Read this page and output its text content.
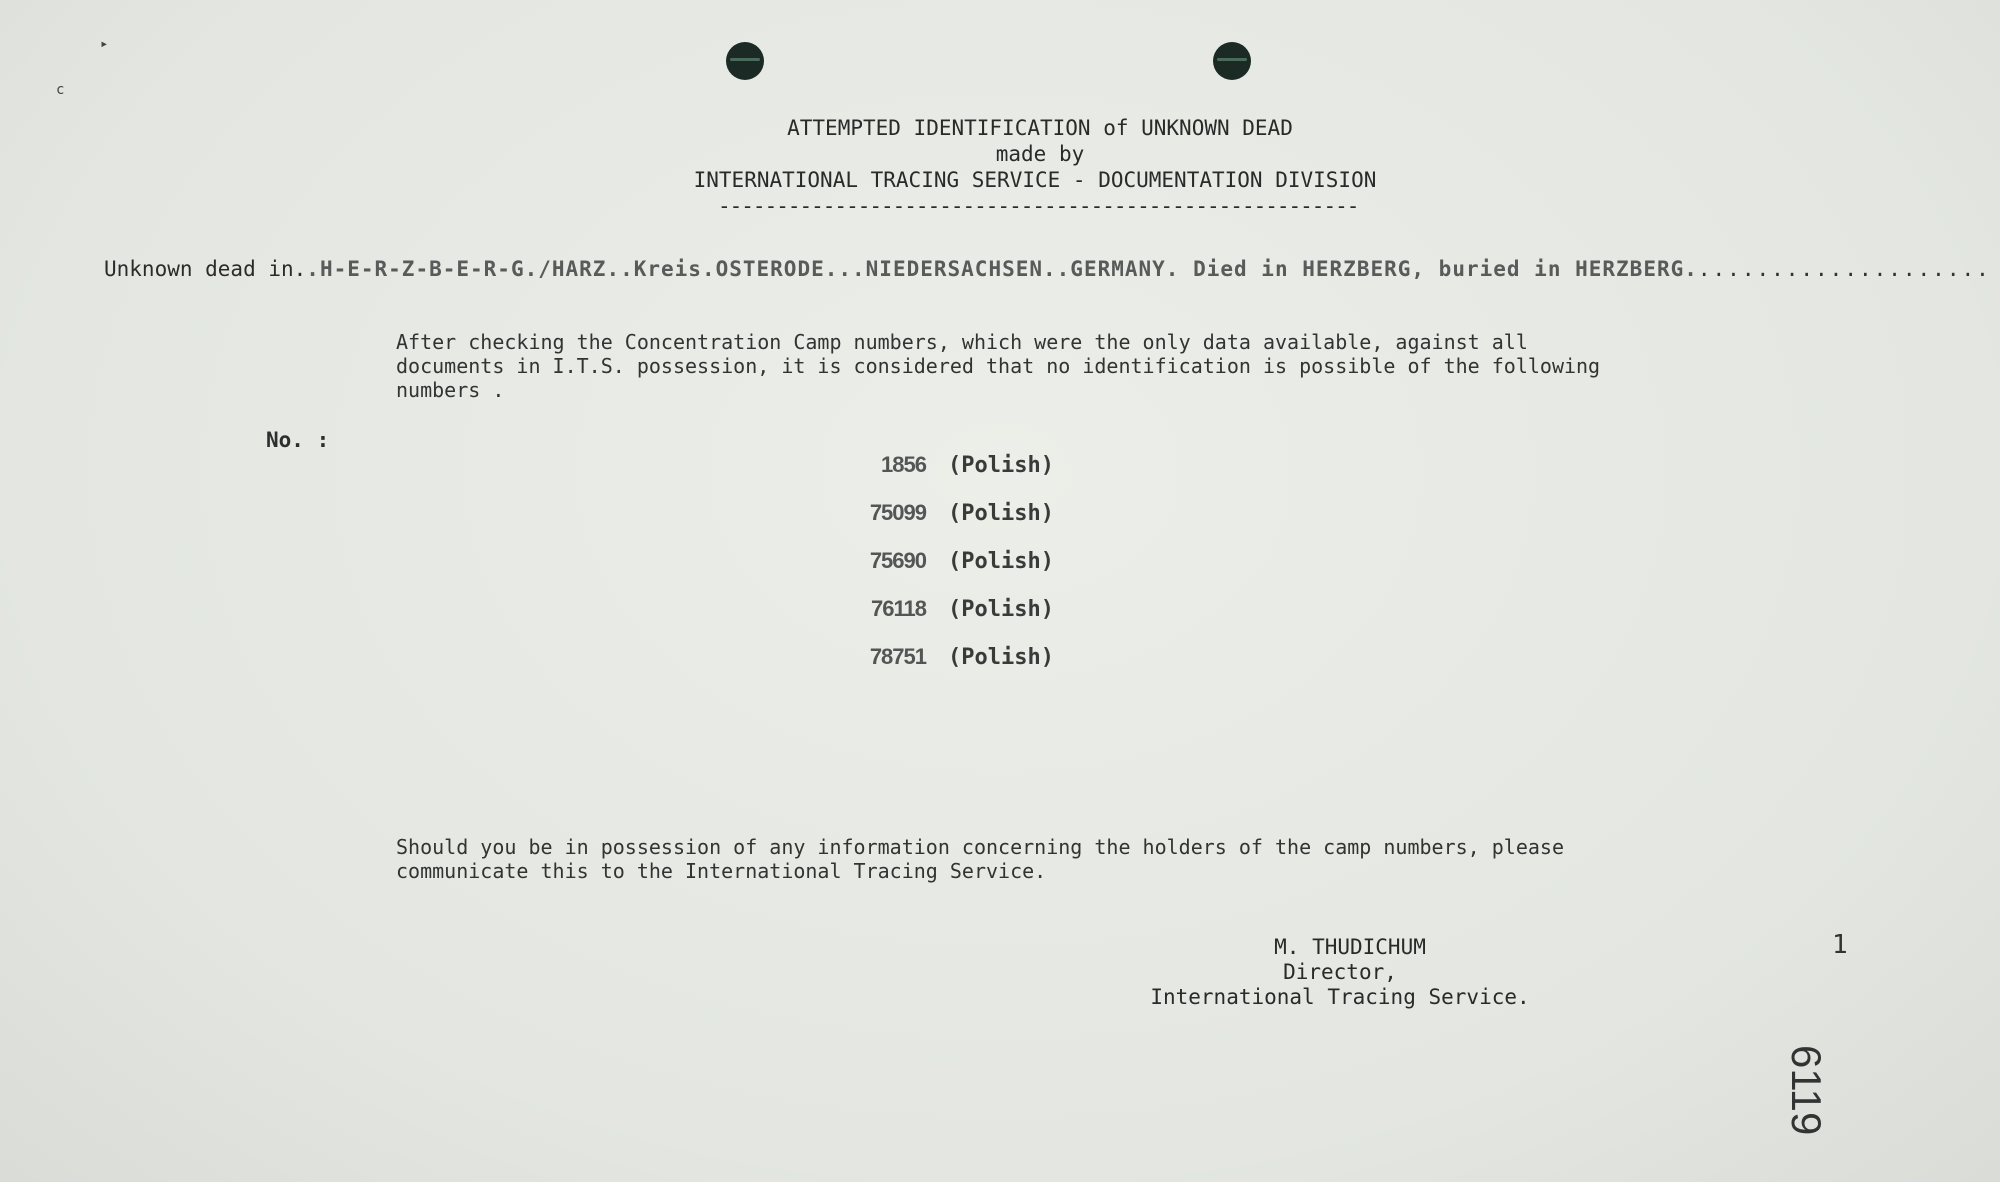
▸
c
ATTEMPTED IDENTIFICATION of UNKNOWN DEAD
made by
INTERNATIONAL TRACING SERVICE - DOCUMENTATION DIVISION
-------------------------------------------------------
Unknown dead in..H-E-R-Z-B-E-R-G./HARZ..Kreis.OSTERODE...NIEDERSACHSEN..GERMANY. Died in HERZBERG, buried in HERZBERG.....................
After checking the Concentration Camp numbers, which were the only data available, against all documents in I.T.S. possession, it is considered that no identification is possible of the following numbers .
No. :
1856 (Polish)
75099 (Polish)
75690 (Polish)
76118 (Polish)
78751 (Polish)
Should you be in possession of any information concerning the holders of the camp numbers, please communicate this to the International Tracing Service.
M. THUDICHUM
Director,
International Tracing Service.
1
6119
